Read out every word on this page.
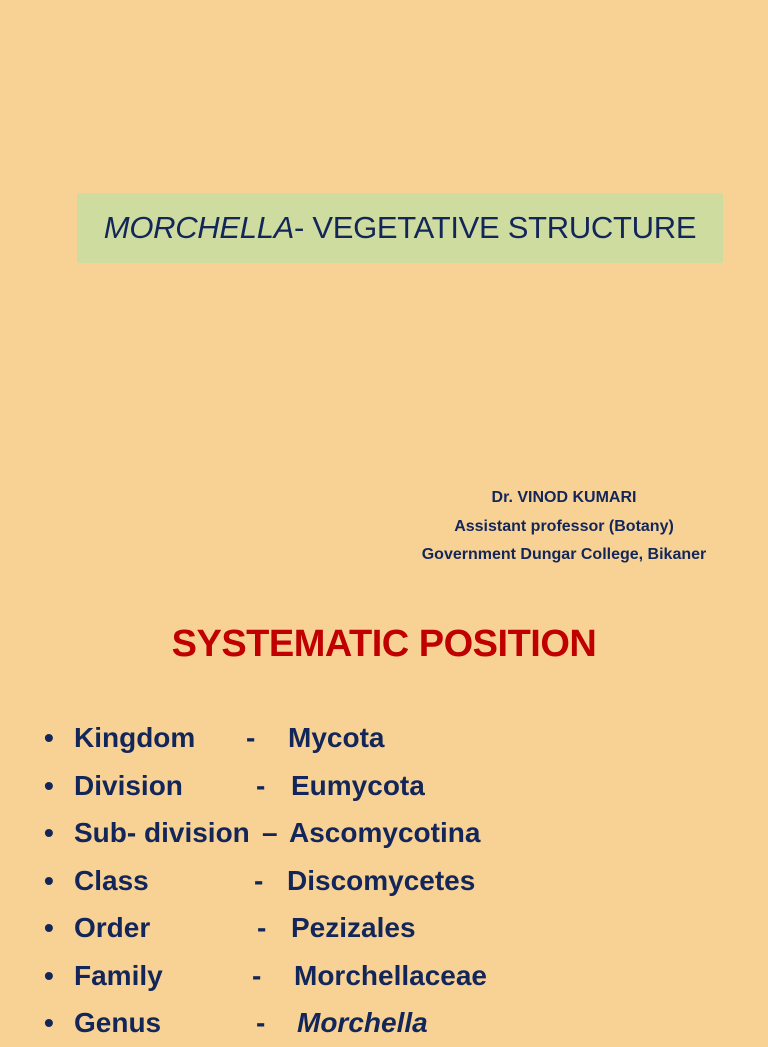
MORCHELLA- VEGETATIVE STRUCTURE
Dr. VINOD KUMARI
Assistant professor (Botany)
Government Dungar College, Bikaner
SYSTEMATIC POSITION
• Kingdom - Mycota
• Division	- Eumycota
• Sub- division – Ascomycotina
• Class	- Discomycetes
• Order	- Pezizales
• Family	- Morchellaceae
• Genus	- Morchella
